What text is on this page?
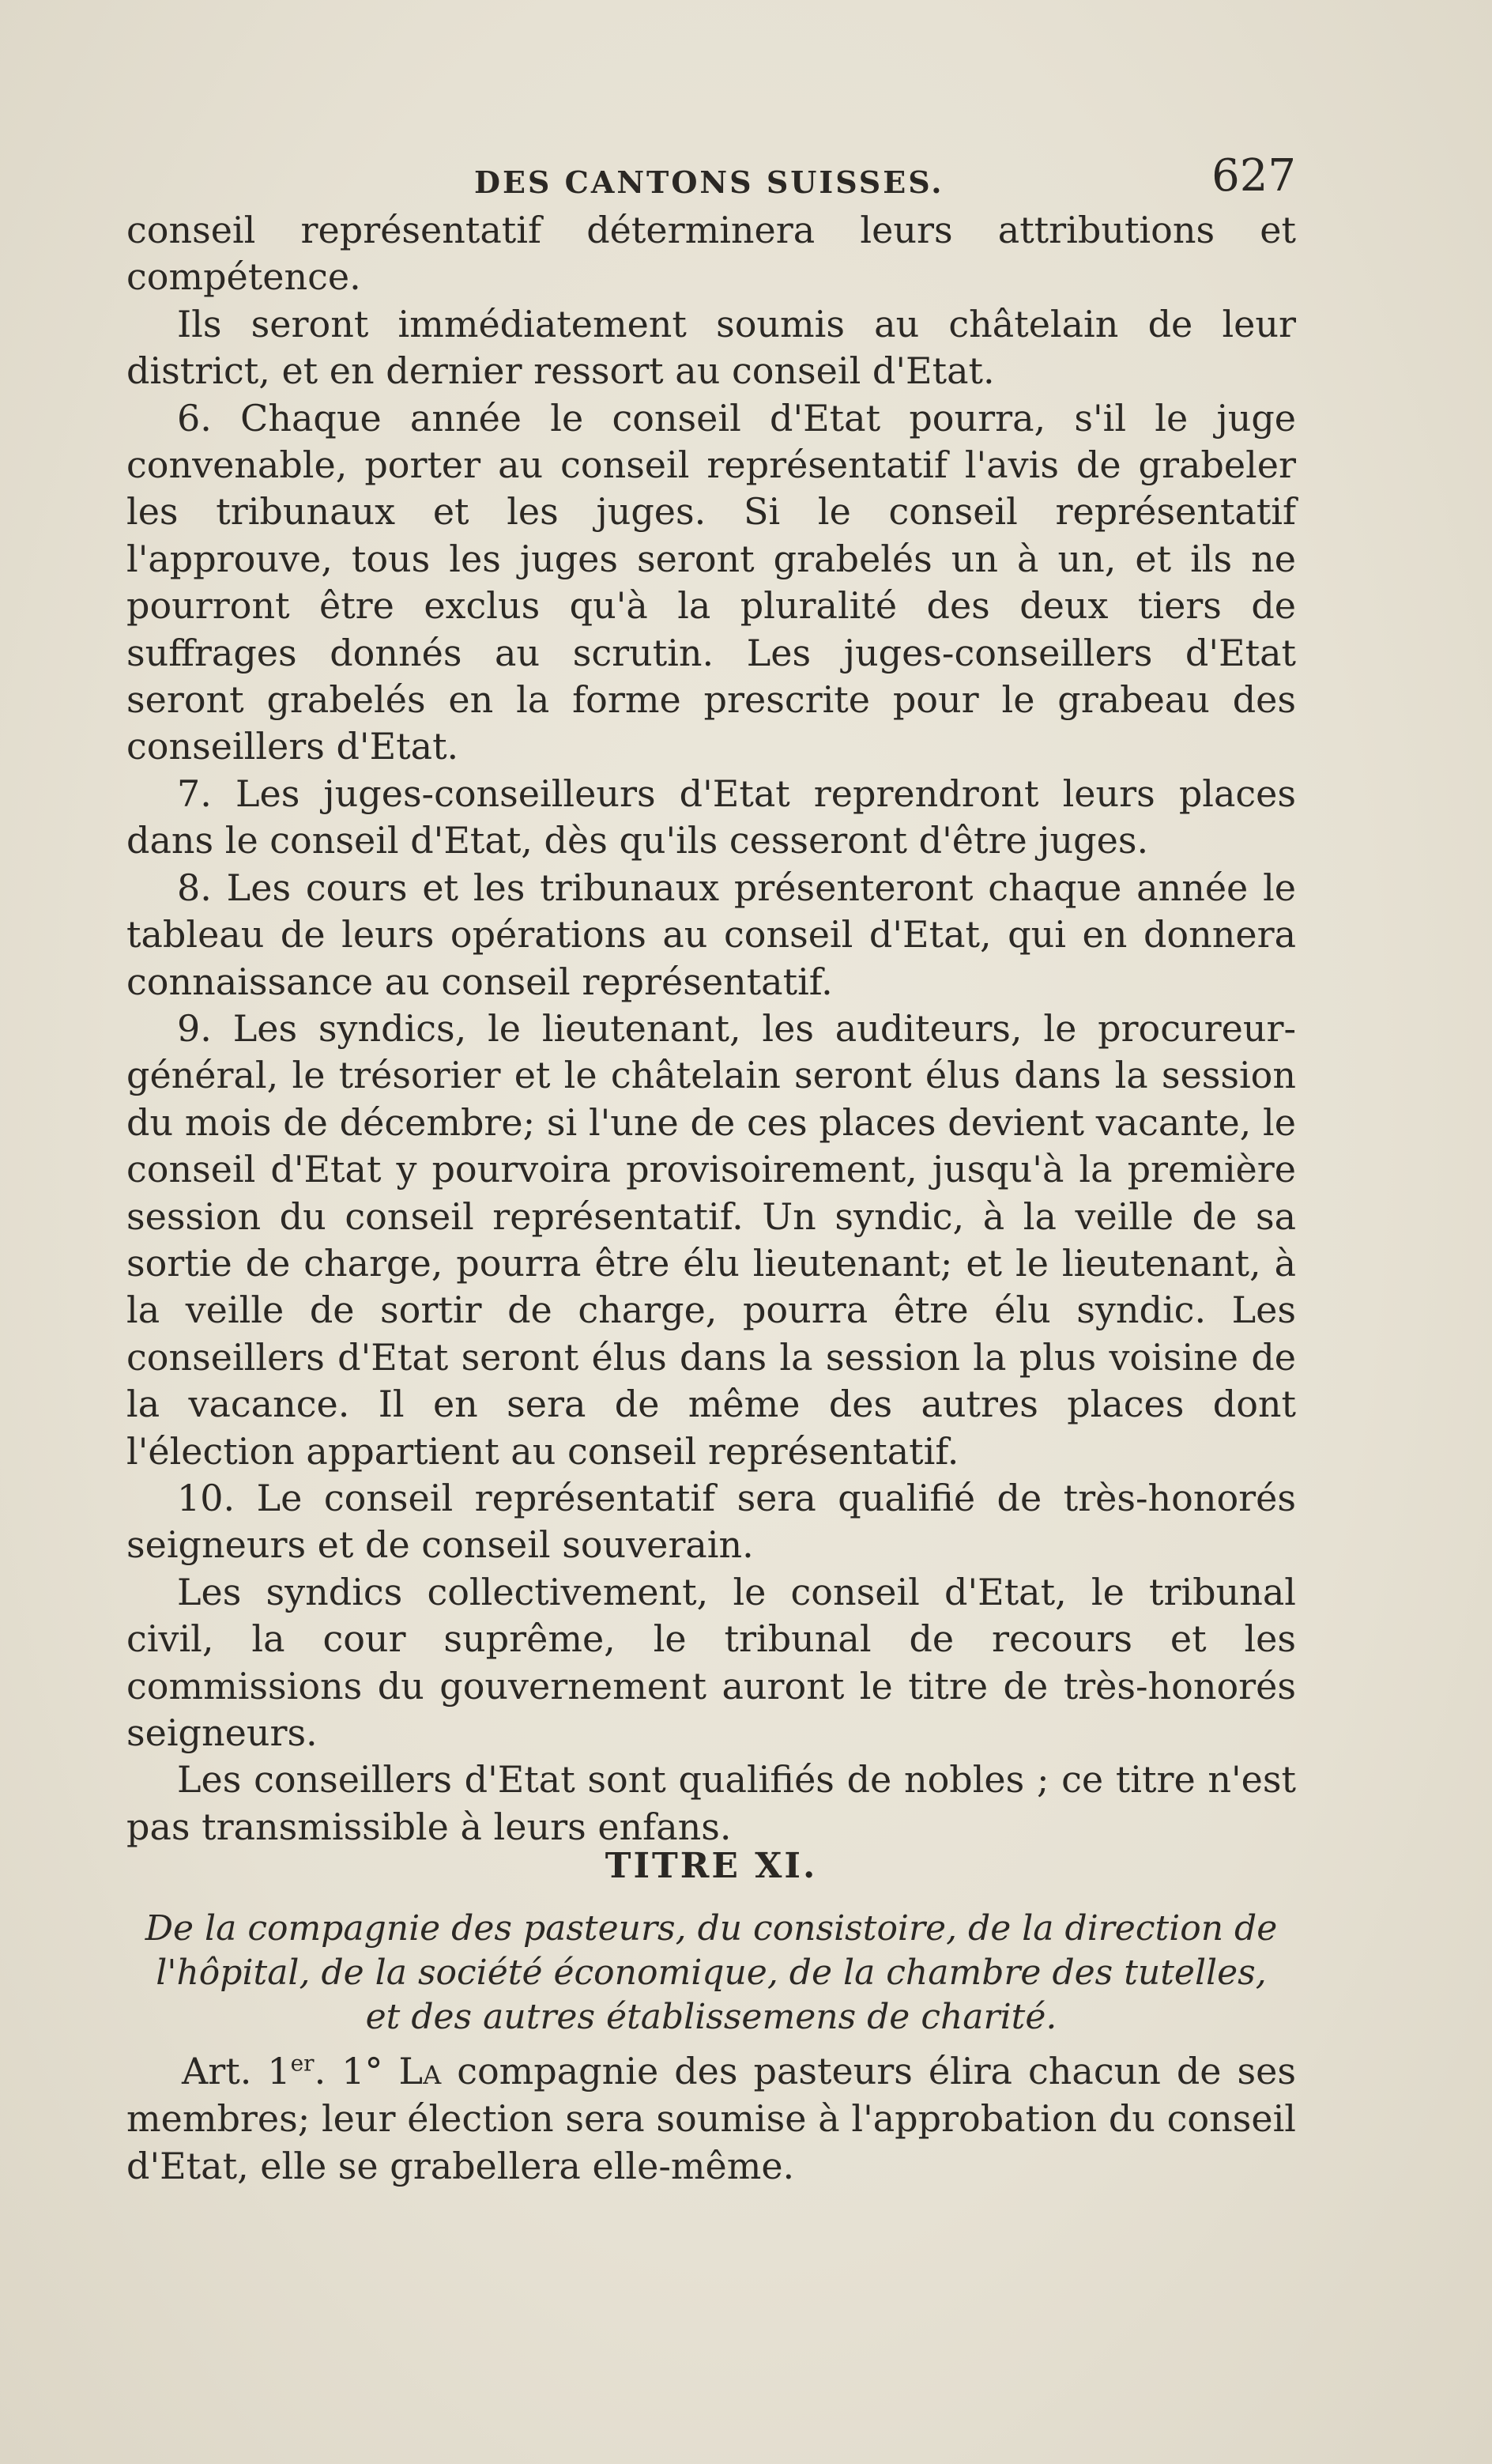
DES CANTONS SUISSES.	627

conseil représentatif déterminera leurs attributions et compétence.

Ils seront immédiatement soumis au châtelain de leur district, et en dernier ressort au conseil d'Etat.

6. Chaque année le conseil d'Etat pourra, s'il le juge convenable, porter au conseil représentatif l'avis de grabeler les tribunaux et les juges. Si le conseil représentatif l'approuve, tous les juges seront grabelés un à un, et ils ne pourront être exclus qu'à la pluralité des deux tiers de suffrages donnés au scrutin. Les juges-conseillers d'Etat seront grabelés en la forme prescrite pour le grabeau des conseillers d'Etat.

7. Les juges-conseilleurs d'Etat reprendront leurs places dans le conseil d'Etat, dès qu'ils cesseront d'être juges.

8. Les cours et les tribunaux présenteront chaque année le tableau de leurs opérations au conseil d'Etat, qui en donnera connaissance au conseil représentatif.

9. Les syndics, le lieutenant, les auditeurs, le procureur-général, le trésorier et le châtelain seront élus dans la session du mois de décembre; si l'une de ces places devient vacante, le conseil d'Etat y pourvoira provisoirement, jusqu'à la première session du conseil représentatif. Un syndic, à la veille de sa sortie de charge, pourra être élu lieutenant; et le lieutenant, à la veille de sortir de charge, pourra être élu syndic. Les conseillers d'Etat seront élus dans la session la plus voisine de la vacance. Il en sera de même des autres places dont l'élection appartient au conseil représentatif.

10. Le conseil représentatif sera qualifié de très-honorés seigneurs et de conseil souverain.

Les syndics collectivement, le conseil d'Etat, le tribunal civil, la cour suprême, le tribunal de recours et les commissions du gouvernement auront le titre de très-honorés seigneurs.

Les conseillers d'Etat sont qualifiés de nobles ; ce titre n'est pas transmissible à leurs enfans.

TITRE XI.
De la compagnie des pasteurs, du consistoire, de la direction de l'hôpital, de la société économique, de la chambre des tutelles, et des autres établissemens de charité.

Art. 1er. 1° La compagnie des pasteurs élira chacun de ses membres; leur élection sera soumise à l'approbation du conseil d'Etat, elle se grabellera elle-même.
